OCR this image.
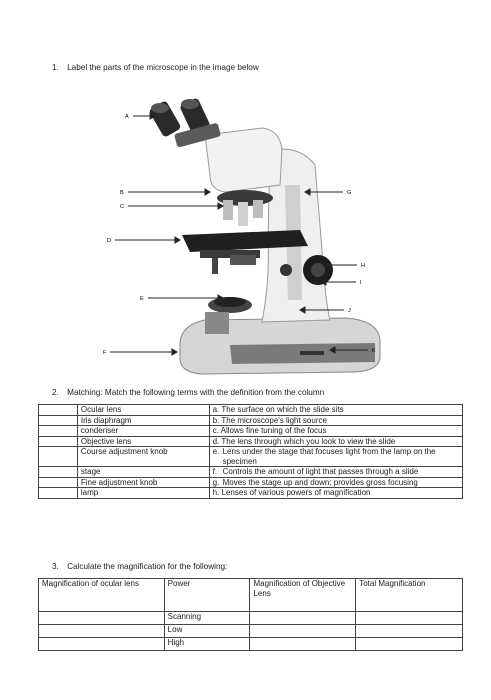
1. Label the parts of the microscope in the image below
A
B
C
D
E
F
G
H
I
J
K
2. Matching: Match the following terms with the definition from the column
	Ocular lens	a. The surface on which the slide sits
	Iris diaphragm	b. The microscope's light source
	condenser	c. Allows fine tuning of the focus
	Objective lens	d. The lens through which you look to view the slide
	Course adjustment knob	e. Lens under the stage that focuses light from the lamp on the specimen

	stage	f. Controls the amount of light that passes through a slide

	Fine adjustment knob	g. Moves the stage up and down; provides gross focusing

	lamp	h. Lenses of various powers of magnification
3. Calculate the magnification for the following:
Magnification of ocular lens	Power	Magnification of Objective Lens	Total Magnification
	Scanning		
	Low		
	High		
